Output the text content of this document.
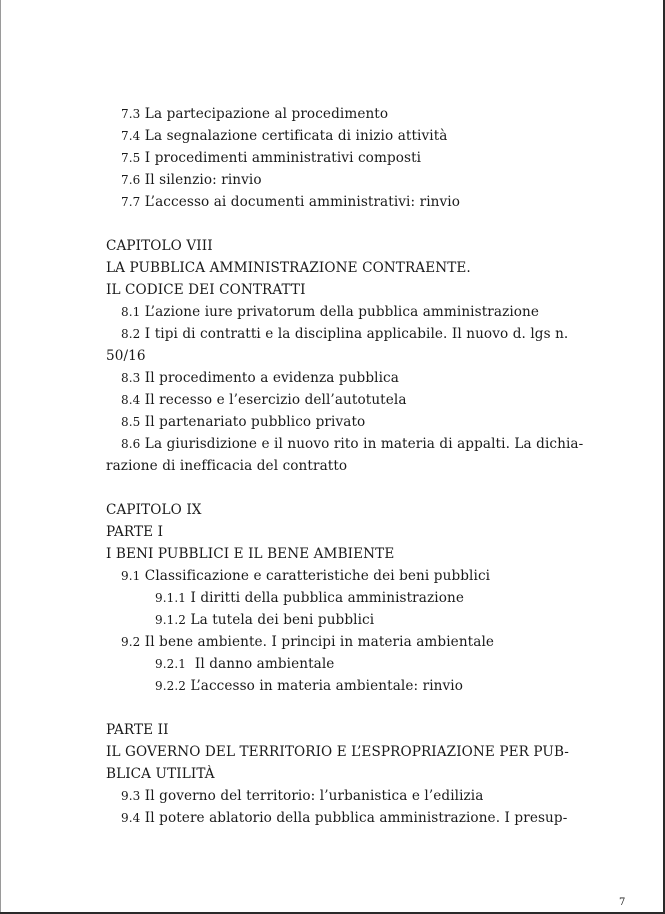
7.3 La partecipazione al procedimento
7.4 La segnalazione certificata di inizio attività
7.5 I procedimenti amministrativi composti
7.6 Il silenzio: rinvio
7.7 L’accesso ai documenti amministrativi: rinvio
CAPITOLO VIII
LA PUBBLICA AMMINISTRAZIONE CONTRAENTE.
IL CODICE DEI CONTRATTI
8.1 L’azione iure privatorum della pubblica amministrazione
8.2 I tipi di contratti e la disciplina applicabile. Il nuovo d. lgs n.
50/16
8.3 Il procedimento a evidenza pubblica
8.4 Il recesso e l’esercizio dell’autotutela
8.5 Il partenariato pubblico privato
8.6 La giurisdizione e il nuovo rito in materia di appalti. La dichia-
razione di inefficacia del contratto
CAPITOLO IX
PARTE I
I BENI PUBBLICI E IL BENE AMBIENTE
9.1 Classificazione e caratteristiche dei beni pubblici
9.1.1 I diritti della pubblica amministrazione
9.1.2 La tutela dei beni pubblici
9.2 Il bene ambiente. I principi in materia ambientale
9.2.1  Il danno ambientale
9.2.2 L’accesso in materia ambientale: rinvio
PARTE II
IL GOVERNO DEL TERRITORIO E L’ESPROPRIAZIONE PER PUB-
BLICA UTILITÀ
9.3 Il governo del territorio: l’urbanistica e l’edilizia
9.4 Il potere ablatorio della pubblica amministrazione. I presup-
7
